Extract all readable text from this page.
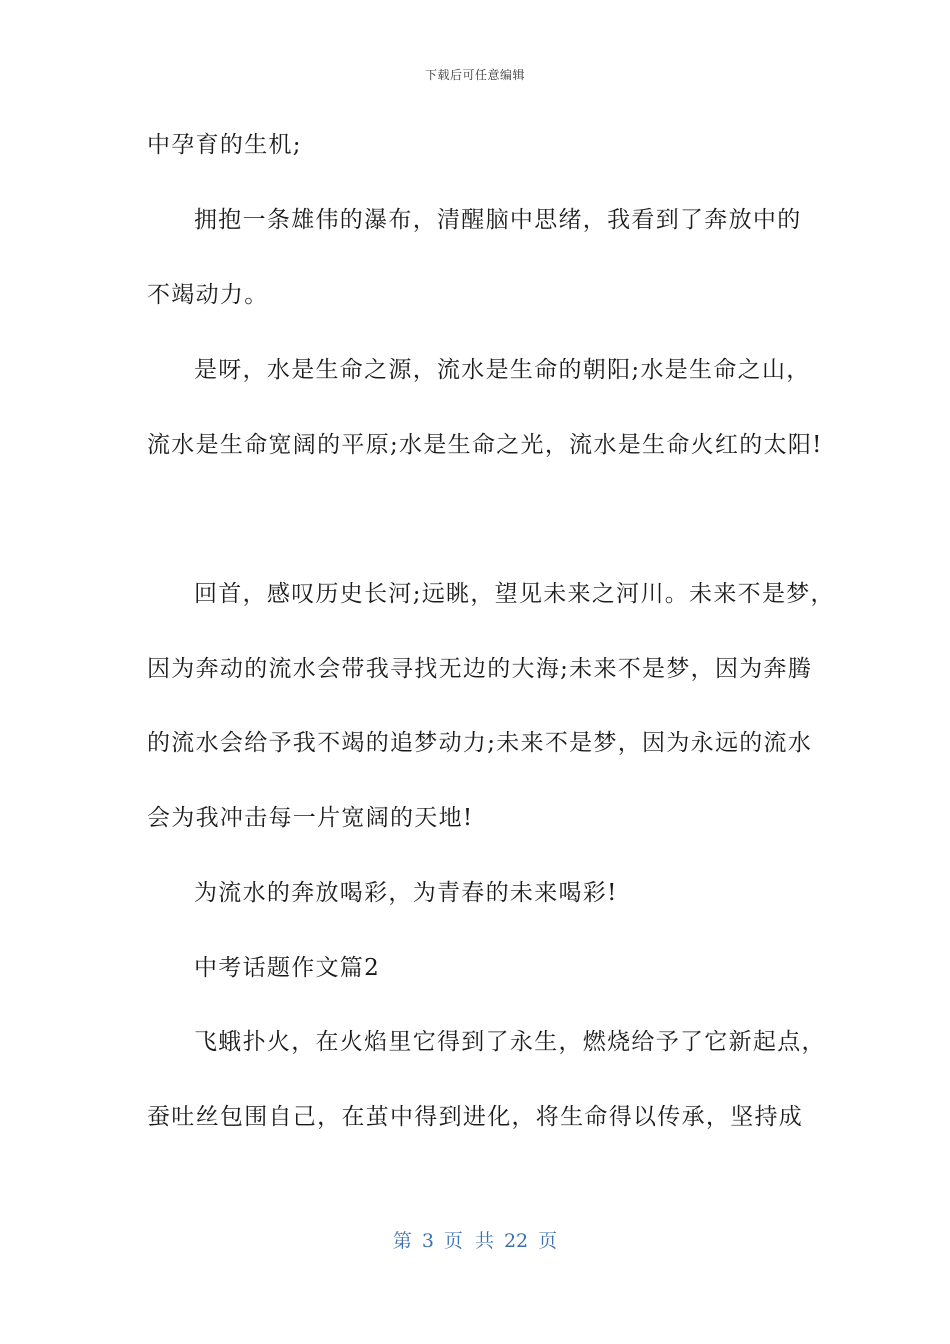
下载后可任意编辑
中孕育的生机;
拥抱一条雄伟的瀑布，清醒脑中思绪，我看到了奔放中的
不竭动力。
是呀，水是生命之源，流水是生命的朝阳;水是生命之山，
流水是生命宽阔的平原;水是生命之光，流水是生命火红的太阳!
回首，感叹历史长河;远眺，望见未来之河川。未来不是梦，
因为奔动的流水会带我寻找无边的大海;未来不是梦，因为奔腾
的流水会给予我不竭的追梦动力;未来不是梦，因为永远的流水
会为我冲击每一片宽阔的天地!
为流水的奔放喝彩，为青春的未来喝彩!
中考话题作文篇2
飞蛾扑火，在火焰里它得到了永生，燃烧给予了它新起点，
蚕吐丝包围自己，在茧中得到进化，将生命得以传承，坚持成
第 3 页 共 22 页
